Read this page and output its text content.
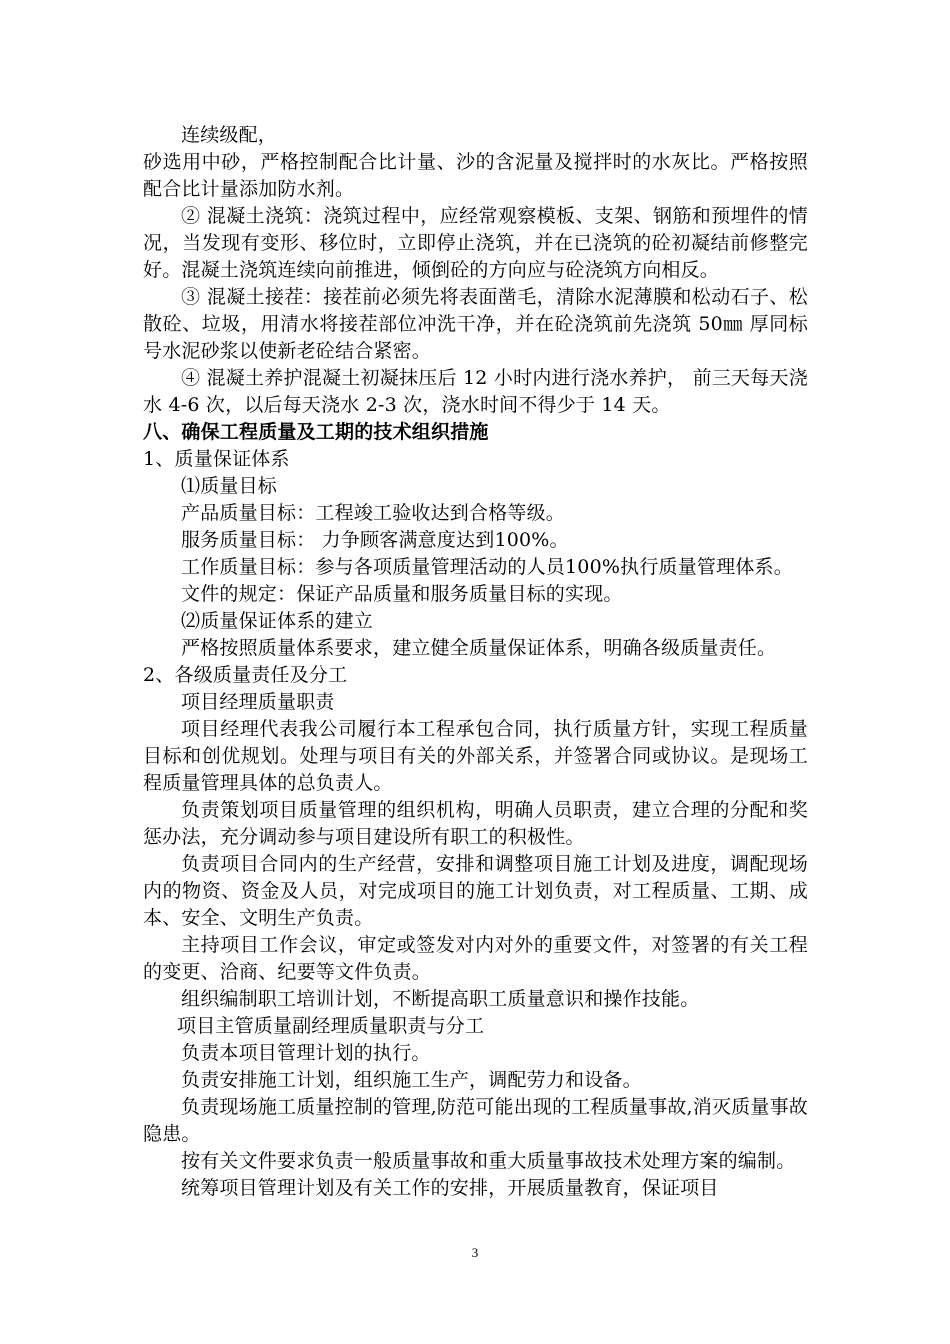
连续级配，

砂选用中砂，严格控制配合比计量、沙的含泥量及搅拌时的水灰比。严格按照配合比计量添加防水剂。

② 混凝土浇筑：浇筑过程中，应经常观察模板、支架、钢筋和预埋件的情况，当发现有变形、移位时，立即停止浇筑，并在已浇筑的砼初凝结前修整完好。混凝土浇筑连续向前推进，倾倒砼的方向应与砼浇筑方向相反。

③ 混凝土接茬：接茬前必须先将表面凿毛，清除水泥薄膜和松动石子、松散砼、垃圾，用清水将接茬部位冲洗干净，并在砼浇筑前先浇筑 50㎜ 厚同标号水泥砂浆以使新老砼结合紧密。

④ 混凝土养护混凝土初凝抹压后 12 小时内进行浇水养护， 前三天每天浇水 4-6 次，以后每天浇水 2-3 次，浇水时间不得少于 14 天。

八、确保工程质量及工期的技术组织措施

1、质量保证体系

⑴质量目标

产品质量目标：工程竣工验收达到合格等级。

服务质量目标： 力争顾客满意度达到100%。

工作质量目标：参与各项质量管理活动的人员100%执行质量管理体系。

文件的规定：保证产品质量和服务质量目标的实现。

⑵质量保证体系的建立

严格按照质量体系要求，建立健全质量保证体系，明确各级质量责任。

2、各级质量责任及分工

项目经理质量职责

项目经理代表我公司履行本工程承包合同，执行质量方针，实现工程质量目标和创优规划。处理与项目有关的外部关系，并签署合同或协议。是现场工程质量管理具体的总负责人。

负责策划项目质量管理的组织机构，明确人员职责，建立合理的分配和奖惩办法，充分调动参与项目建设所有职工的积极性。

负责项目合同内的生产经营，安排和调整项目施工计划及进度，调配现场内的物资、资金及人员，对完成项目的施工计划负责，对工程质量、工期、成本、安全、文明生产负责。

主持项目工作会议，审定或签发对内对外的重要文件，对签署的有关工程的变更、洽商、纪要等文件负责。

组织编制职工培训计划，不断提高职工质量意识和操作技能。

项目主管质量副经理质量职责与分工

负责本项目管理计划的执行。

负责安排施工计划，组织施工生产，调配劳力和设备。

负责现场施工质量控制的管理,防范可能出现的工程质量事故,消灭质量事故隐患。

按有关文件要求负责一般质量事故和重大质量事故技术处理方案的编制。

统筹项目管理计划及有关工作的安排，开展质量教育，保证项目

3
